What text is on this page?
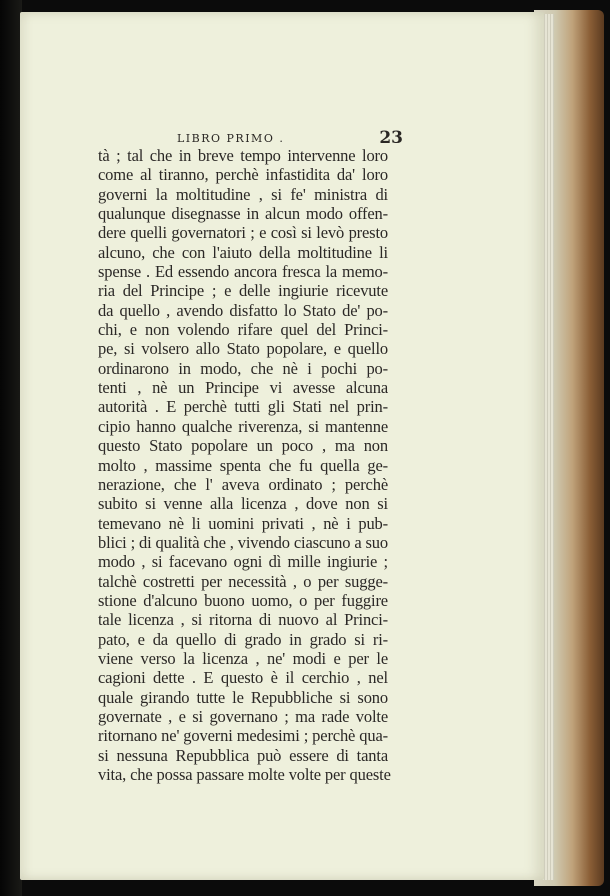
LIBRO PRIMO .	23
tà ; tal che in breve tempo intervenne loro
come al tiranno, perchè infastidita da' loro
governi la moltitudine , si fe' ministra di
qualunque disegnasse in alcun modo offen-
dere quelli governatori ; e così si levò presto
alcuno, che con l'aiuto della moltitudine li
spense . Ed essendo ancora fresca la memo-
ria del Principe ; e delle ingiurie ricevute
da quello , avendo disfatto lo Stato de' po-
chi, e non volendo rifare quel del Princi-
pe, si volsero allo Stato popolare, e quello
ordinarono in modo, che nè i pochi po-
tenti , nè un Principe vi avesse alcuna
autorità . E perchè tutti gli Stati nel prin-
cipio hanno qualche riverenza, si mantenne
questo Stato popolare un poco , ma non
molto , massime spenta che fu quella ge-
nerazione, che l' aveva ordinato ; perchè
subito si venne alla licenza , dove non si
temevano nè li uomini privati , nè i pub-
blici ; di qualità che , vivendo ciascuno a suo
modo , si facevano ogni dì mille ingiurie ;
talchè costretti per necessità , o per sugge-
stione d'alcuno buono uomo, o per fuggire
tale licenza , si ritorna di nuovo al Princi-
pato, e da quello di grado in grado si ri-
viene verso la licenza , ne' modi e per le
cagioni dette . E questo è il cerchio , nel
quale girando tutte le Repubbliche si sono
governate , e si governano ; ma rade volte
ritornano ne' governi medesimi ; perchè qua-
si nessuna Repubblica può essere di tanta
vita, che possa passare molte volte per queste
